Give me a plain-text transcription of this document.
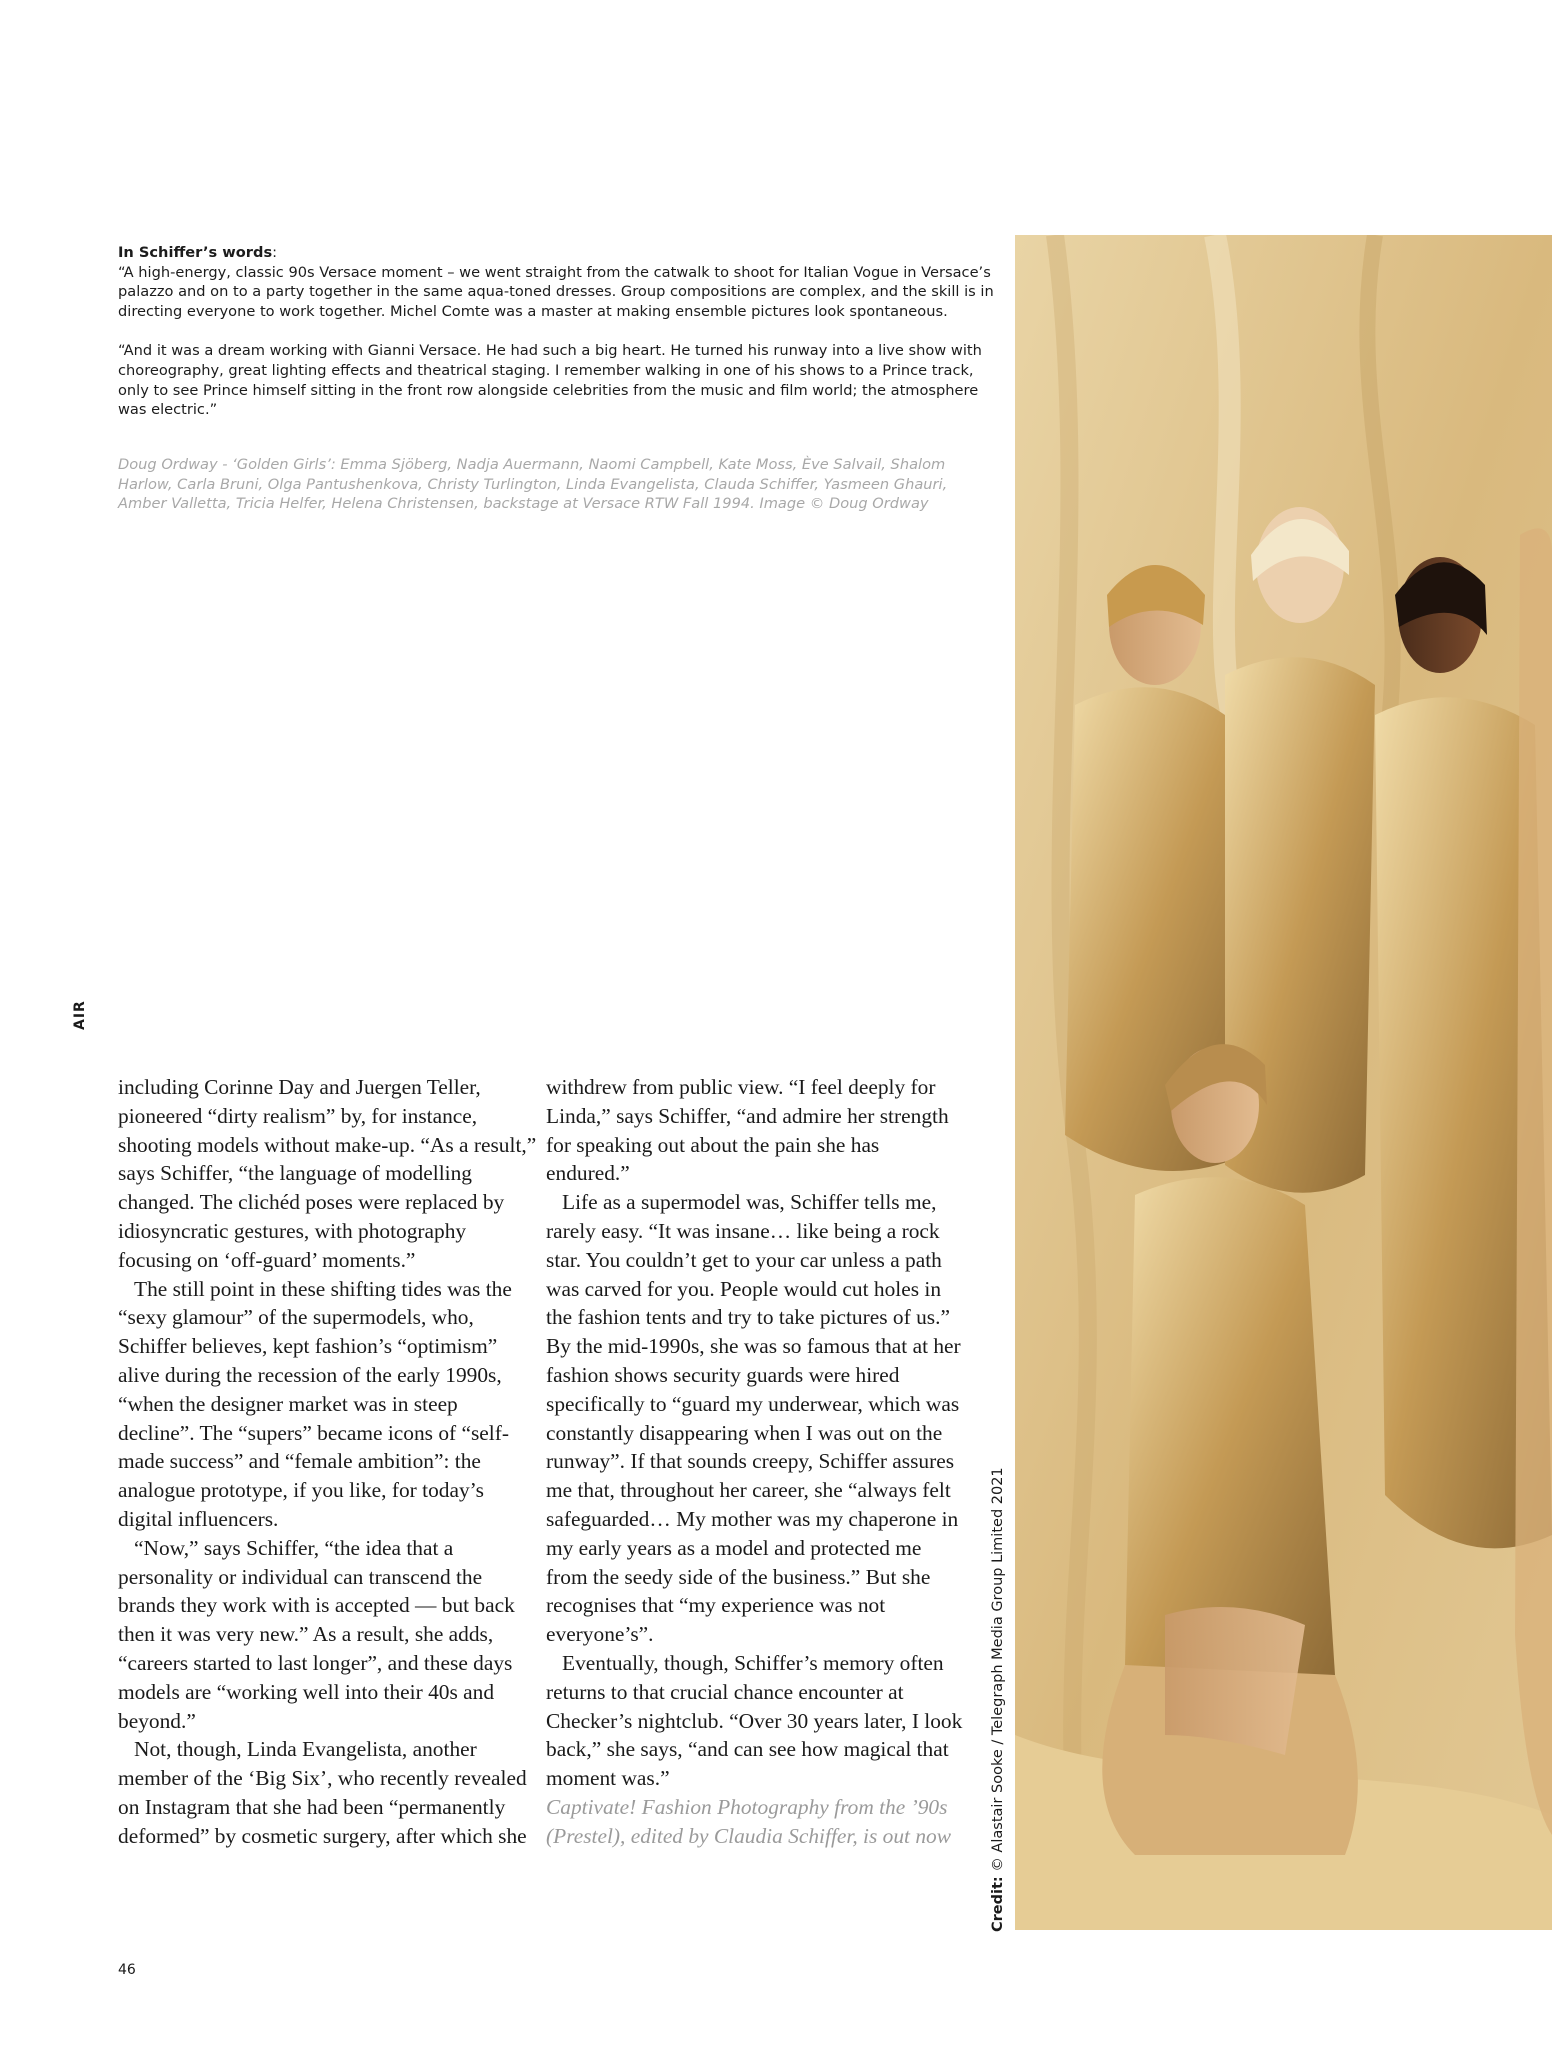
In Schiffer’s words:

“A high-energy, classic 90s Versace moment – we went straight from the catwalk to shoot for Italian Vogue in Versace’s palazzo and on to a party together in the same aqua-toned dresses. Group compositions are complex, and the skill is in directing everyone to work together. Michel Comte was a master at making ensemble pictures look spontaneous.

“And it was a dream working with Gianni Versace. He had such a big heart. He turned his runway into a live show with choreography, great lighting effects and theatrical staging. I remember walking in one of his shows to a Prince track, only to see Prince himself sitting in the front row alongside celebrities from the music and film world; the atmosphere was electric.”

Doug Ordway - ‘Golden Girls’: Emma Sjöberg, Nadja Auermann, Naomi Campbell, Kate Moss, Ève Salvail, Shalom Harlow, Carla Bruni, Olga Pantushenkova, Christy Turlington, Linda Evangelista, Clauda Schiffer, Yasmeen Ghauri, Amber Valletta, Tricia Helfer, Helena Christensen, backstage at Versace RTW Fall 1994. Image © Doug Ordway
AIR

including Corinne Day and Juergen Teller, pioneered “dirty realism” by, for instance, shooting models without make-up. “As a result,” says Schiffer, “the language of modelling changed. The clichéd poses were replaced by idiosyncratic gestures, with photography focusing on ‘off-guard’ moments.”

The still point in these shifting tides was the “sexy glamour” of the supermodels, who, Schiffer believes, kept fashion’s “optimism” alive during the recession of the early 1990s, “when the designer market was in steep decline”. The “supers” became icons of “self-made success” and “female ambition”: the analogue prototype, if you like, for today’s digital influencers.

“Now,” says Schiffer, “the idea that a personality or individual can transcend the brands they work with is accepted — but back then it was very new.” As a result, she adds, “careers started to last longer”, and these days models are “working well into their 40s and beyond.”

Not, though, Linda Evangelista, another member of the ‘Big Six’, who recently revealed on Instagram that she had been “permanently deformed” by cosmetic surgery, after which she

withdrew from public view. “I feel deeply for Linda,” says Schiffer, “and admire her strength for speaking out about the pain she has endured.”

Life as a supermodel was, Schiffer tells me, rarely easy. “It was insane… like being a rock star. You couldn’t get to your car unless a path was carved for you. People would cut holes in the fashion tents and try to take pictures of us.” By the mid-1990s, she was so famous that at her fashion shows security guards were hired specifically to “guard my underwear, which was constantly disappearing when I was out on the runway”. If that sounds creepy, Schiffer assures me that, throughout her career, she “always felt safeguarded… My mother was my chaperone in my early years as a model and protected me from the seedy side of the business.” But she recognises that “my experience was not everyone’s”.

Eventually, though, Schiffer’s memory often returns to that crucial chance encounter at Checker’s nightclub. “Over 30 years later, I look back,” she says, “and can see how magical that moment was.”

Captivate! Fashion Photography from the ’90s (Prestel), edited by Claudia Schiffer, is out now

46
Credit: © Alastair Sooke / Telegraph Media Group Limited 2021
